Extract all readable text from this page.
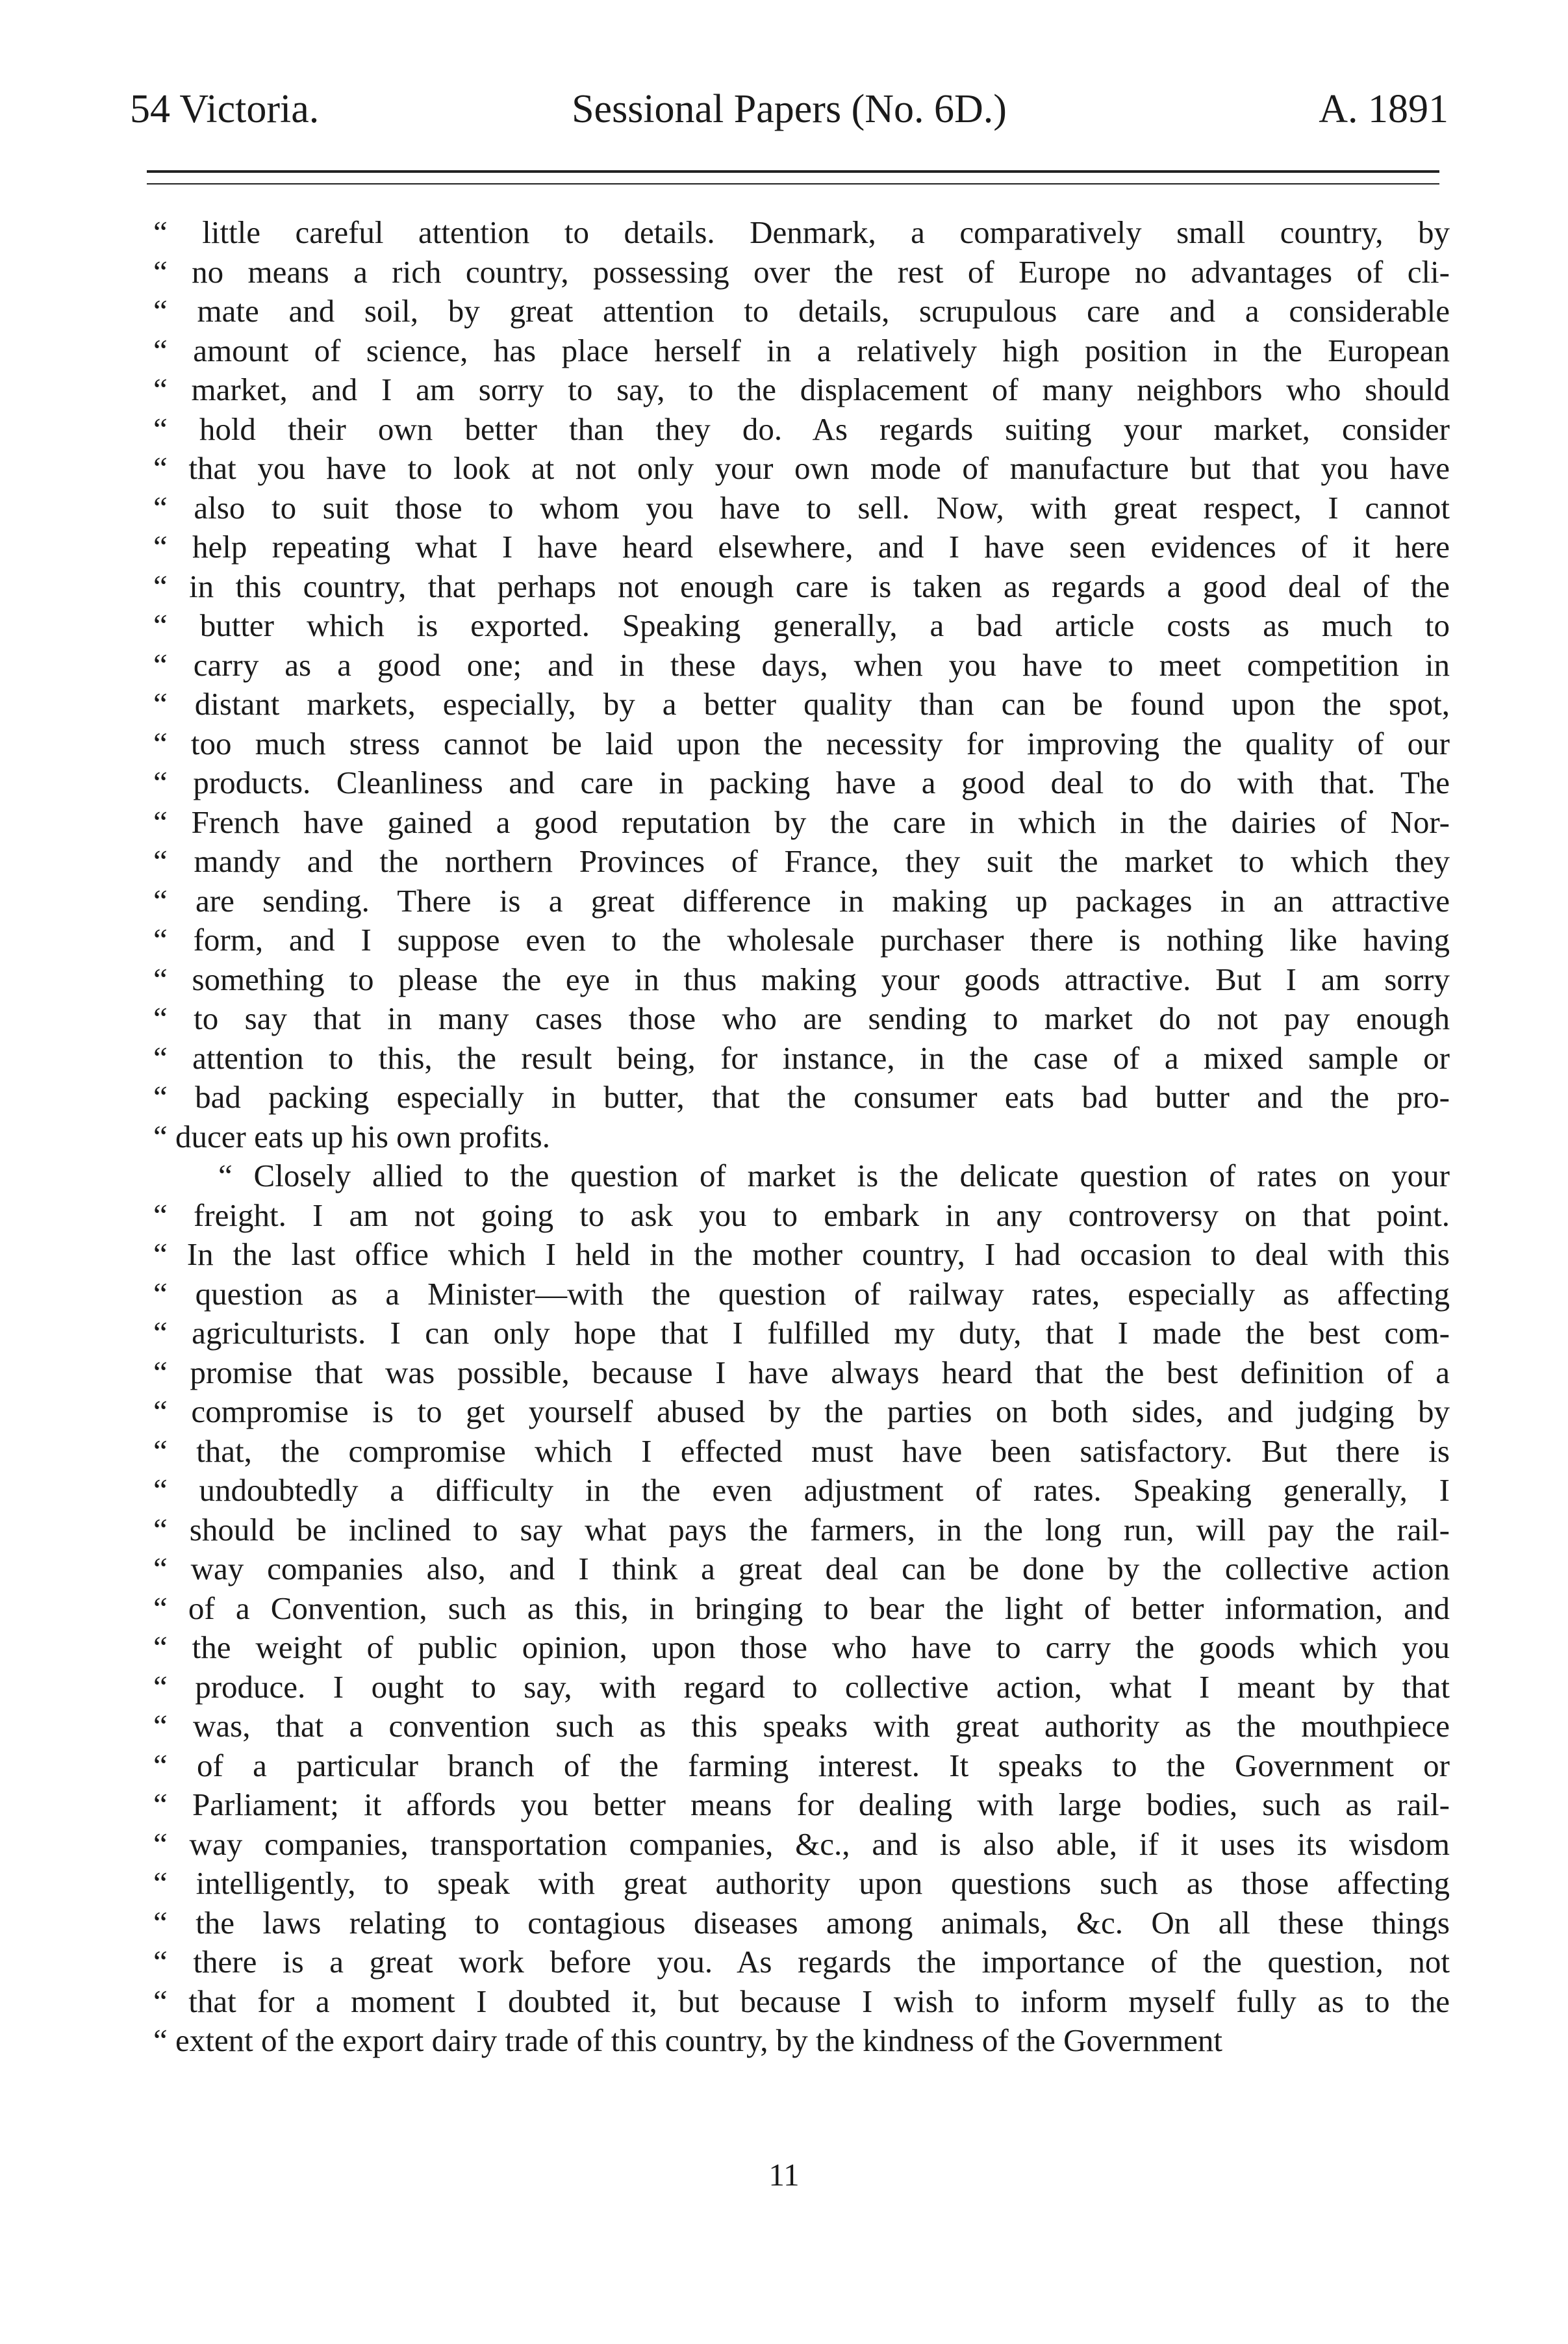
54 Victoria.	Sessional Papers (No. 6D.)	A. 1891
“ little careful attention to details. Denmark, a comparatively small country, by
“ no means a rich country, possessing over the rest of Europe no advantages of cli-
“ mate and soil, by great attention to details, scrupulous care and a considerable
“ amount of science, has place herself in a relatively high position in the European
“ market, and I am sorry to say, to the displacement of many neighbors who should
“ hold their own better than they do. As regards suiting your market, consider
“ that you have to look at not only your own mode of manufacture but that you have
“ also to suit those to whom you have to sell. Now, with great respect, I cannot
“ help repeating what I have heard elsewhere, and I have seen evidences of it here
“ in this country, that perhaps not enough care is taken as regards a good deal of the
“ butter which is exported. Speaking generally, a bad article costs as much to
“ carry as a good one; and in these days, when you have to meet competition in
“ distant markets, especially, by a better quality than can be found upon the spot,
“ too much stress cannot be laid upon the necessity for improving the quality of our
“ products. Cleanliness and care in packing have a good deal to do with that. The
“ French have gained a good reputation by the care in which in the dairies of Nor-
“ mandy and the northern Provinces of France, they suit the market to which they
“ are sending. There is a great difference in making up packages in an attractive
“ form, and I suppose even to the wholesale purchaser there is nothing like having
“ something to please the eye in thus making your goods attractive. But I am sorry
“ to say that in many cases those who are sending to market do not pay enough
“ attention to this, the result being, for instance, in the case of a mixed sample or
“ bad packing especially in butter, that the consumer eats bad butter and the pro-
“ ducer eats up his own profits.
“ Closely allied to the question of market is the delicate question of rates on your
“ freight. I am not going to ask you to embark in any controversy on that point.
“ In the last office which I held in the mother country, I had occasion to deal with this
“ question as a Minister—with the question of railway rates, especially as affecting
“ agriculturists. I can only hope that I fulfilled my duty, that I made the best com-
“ promise that was possible, because I have always heard that the best definition of a
“ compromise is to get yourself abused by the parties on both sides, and judging by
“ that, the compromise which I effected must have been satisfactory. But there is
“ undoubtedly a difficulty in the even adjustment of rates. Speaking generally, I
“ should be inclined to say what pays the farmers, in the long run, will pay the rail-
“ way companies also, and I think a great deal can be done by the collective action
“ of a Convention, such as this, in bringing to bear the light of better information, and
“ the weight of public opinion, upon those who have to carry the goods which you
“ produce. I ought to say, with regard to collective action, what I meant by that
“ was, that a convention such as this speaks with great authority as the mouthpiece
“ of a particular branch of the farming interest. It speaks to the Government or
“ Parliament; it affords you better means for dealing with large bodies, such as rail-
“ way companies, transportation companies, &c., and is also able, if it uses its wisdom
“ intelligently, to speak with great authority upon questions such as those affecting
“ the laws relating to contagious diseases among animals, &c. On all these things
“ there is a great work before you. As regards the importance of the question, not
“ that for a moment I doubted it, but because I wish to inform myself fully as to the
“ extent of the export dairy trade of this country, by the kindness of the Government
11
